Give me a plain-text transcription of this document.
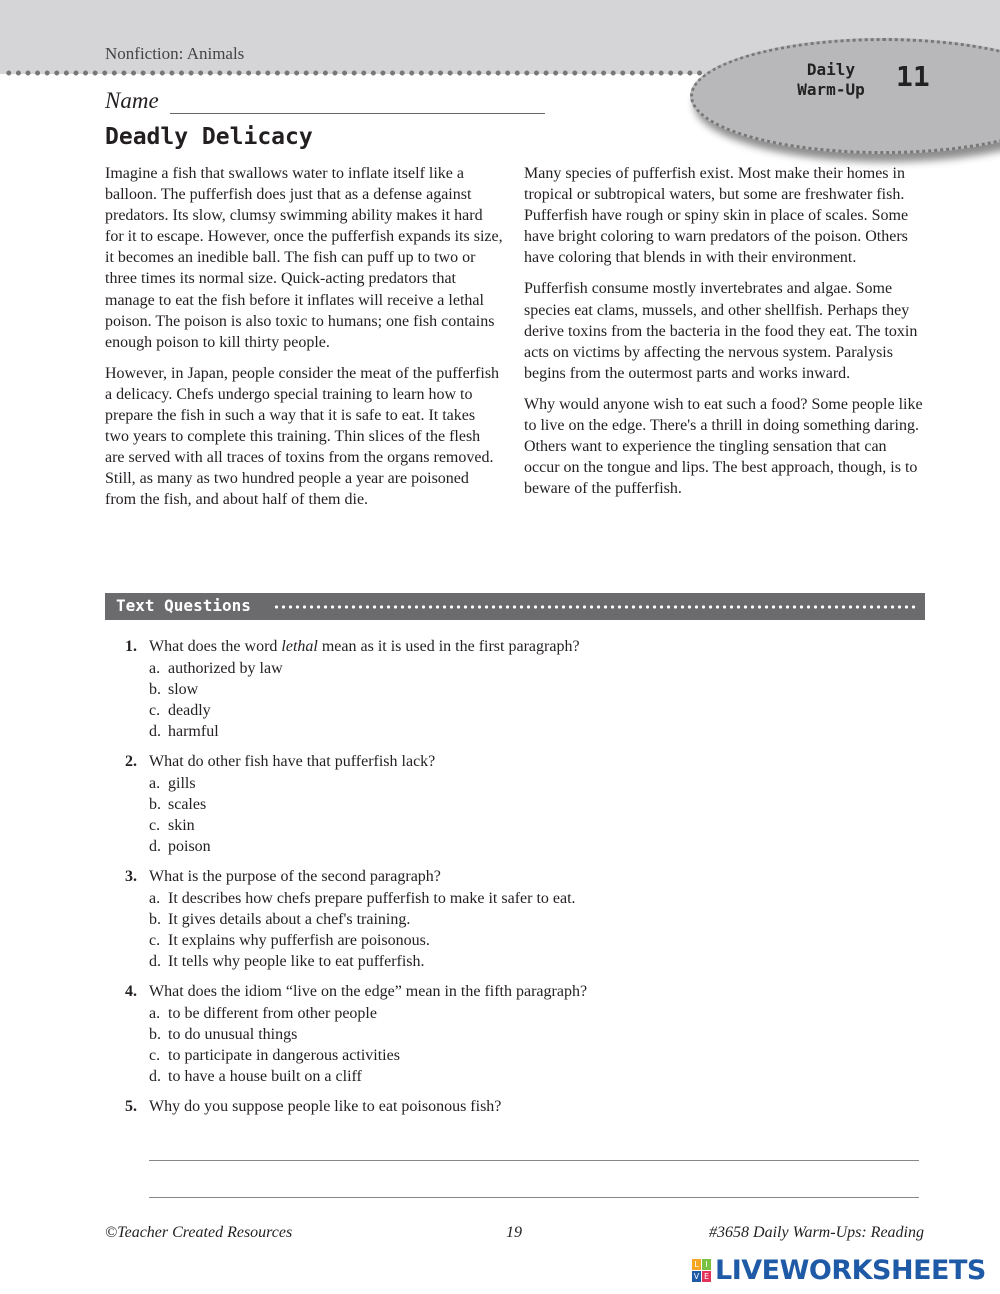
Nonfiction: Animals
Daily
Warm-Up	11
Name
Deadly Delicacy

Imagine a fish that swallows water to inflate itself like a balloon. The pufferfish does just that as a defense against predators. Its slow, clumsy swimming ability makes it hard for it to escape. However, once the pufferfish expands its size, it becomes an inedible ball. The fish can puff up to two or three times its normal size. Quick-acting predators that manage to eat the fish before it inflates will receive a lethal poison. The poison is also toxic to humans; one fish contains enough poison to kill thirty people.

However, in Japan, people consider the meat of the pufferfish a delicacy. Chefs undergo special training to learn how to prepare the fish in such a way that it is safe to eat. It takes two years to complete this training. Thin slices of the flesh are served with all traces of toxins from the organs removed. Still, as many as two hundred people a year are poisoned from the fish, and about half of them die.

Many species of pufferfish exist. Most make their homes in tropical or subtropical waters, but some are freshwater fish. Pufferfish have rough or spiny skin in place of scales. Some have bright coloring to warn predators of the poison. Others have coloring that blends in with their environment.

Pufferfish consume mostly invertebrates and algae. Some species eat clams, mussels, and other shellfish. Perhaps they derive toxins from the bacteria in the food they eat. The toxin acts on victims by affecting the nervous system. Paralysis begins from the outermost parts and works inward.

Why would anyone wish to eat such a food? Some people like to live on the edge. There's a thrill in doing something daring. Others want to experience the tingling sensation that can occur on the tongue and lips. The best approach, though, is to beware of the pufferfish.

Text Questions
1. What does the word lethal mean as it is used in the first paragraph?
a. authorized by law
b. slow
c. deadly
d. harmful
2. What do other fish have that pufferfish lack?
a. gills
b. scales
c. skin
d. poison
3. What is the purpose of the second paragraph?
a. It describes how chefs prepare pufferfish to make it safer to eat.
b. It gives details about a chef's training.
c. It explains why pufferfish are poisonous.
d. It tells why people like to eat pufferfish.
4. What does the idiom “live on the edge” mean in the fifth paragraph?
a. to be different from other people
b. to do unusual things
c. to participate in dangerous activities
d. to have a house built on a cliff
5. Why do you suppose people like to eat poisonous fish?
©Teacher Created Resources	19	#3658 Daily Warm-Ups: Reading
L I
V E LIVEWORKSHEETS
